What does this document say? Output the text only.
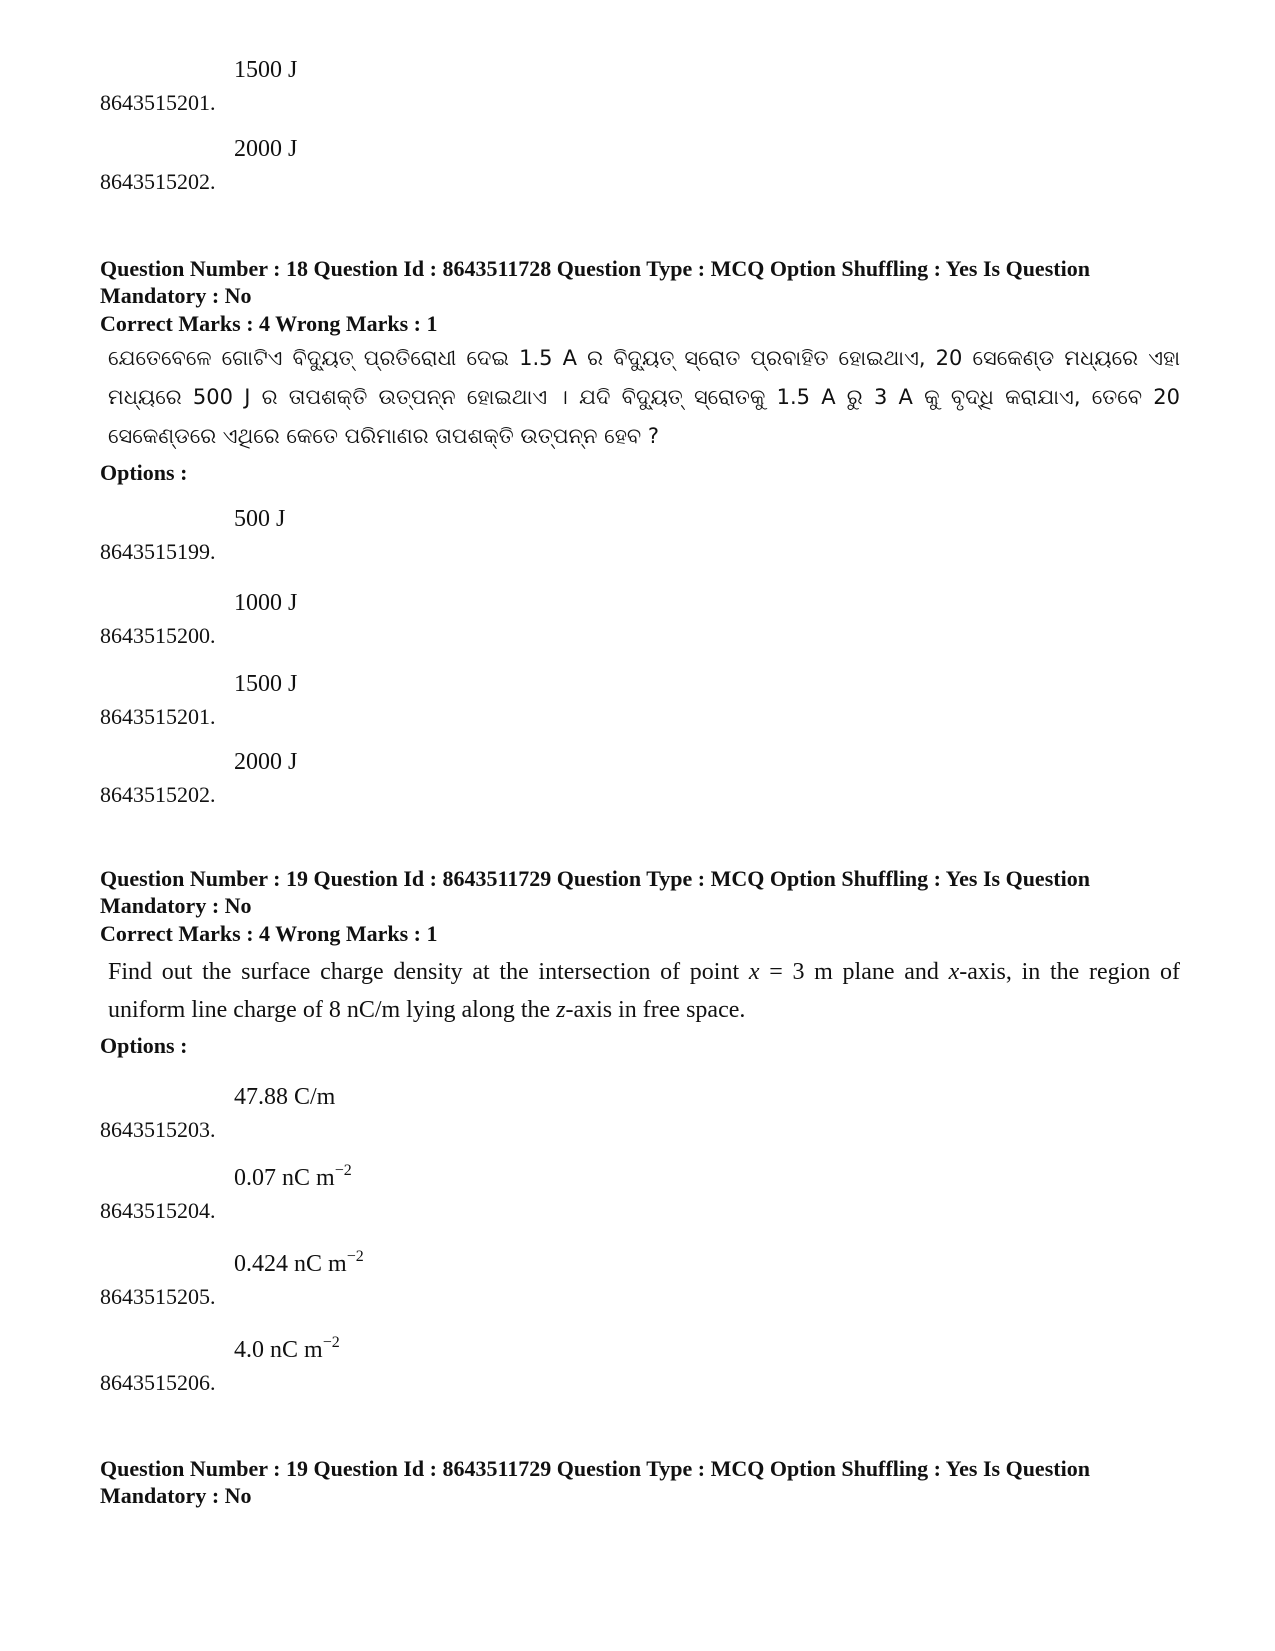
8643515201.
1500 J
8643515202.
2000 J
Question Number : 18 Question Id : 8643511728 Question Type : MCQ Option Shuffling : Yes Is Question Mandatory : No
Correct Marks : 4 Wrong Marks : 1
ଯେତେବେଳେ ଗୋଟିଏ ବିଦ୍ୟୁତ୍ ପ୍ରତିରୋଧୀ ଦେଇ 1.5 A ର ବିଦ୍ୟୁତ୍ ସ୍ରୋତ ପ୍ରବାହିତ ହୋଇଥାଏ, 20 ସେକେଣ୍ଡ ମଧ୍ୟରେ ଏହା ମଧ୍ୟରେ 500 J ର ତାପଶକ୍ତି ଉତ୍ପନ୍ନ ହୋଇଥାଏ । ଯଦି ବିଦ୍ୟୁତ୍ ସ୍ରୋତକୁ 1.5 A ରୁ 3 A କୁ ବୃଦ୍ଧି କରାଯାଏ, ତେବେ 20 ସେକେଣ୍ଡରେ ଏଥିରେ କେତେ ପରିମାଣର ତାପଶକ୍ତି ଉତ୍ପନ୍ନ ହେବ ?
Options :
8643515199.
500 J
8643515200.
1000 J
8643515201.
1500 J
8643515202.
2000 J
Question Number : 19 Question Id : 8643511729 Question Type : MCQ Option Shuffling : Yes Is Question Mandatory : No
Correct Marks : 4 Wrong Marks : 1
Find out the surface charge density at the intersection of point x = 3 m plane and x-axis, in the region of uniform line charge of 8 nC/m lying along the z-axis in free space.
Options :
8643515203.
47.88 C/m
8643515204.
0.07 nC $m^{-2}$
8643515205.
0.424 nC $m^{-2}$
8643515206.
4.0 nC $m^{-2}$
Question Number : 19 Question Id : 8643511729 Question Type : MCQ Option Shuffling : Yes Is Question Mandatory : No
